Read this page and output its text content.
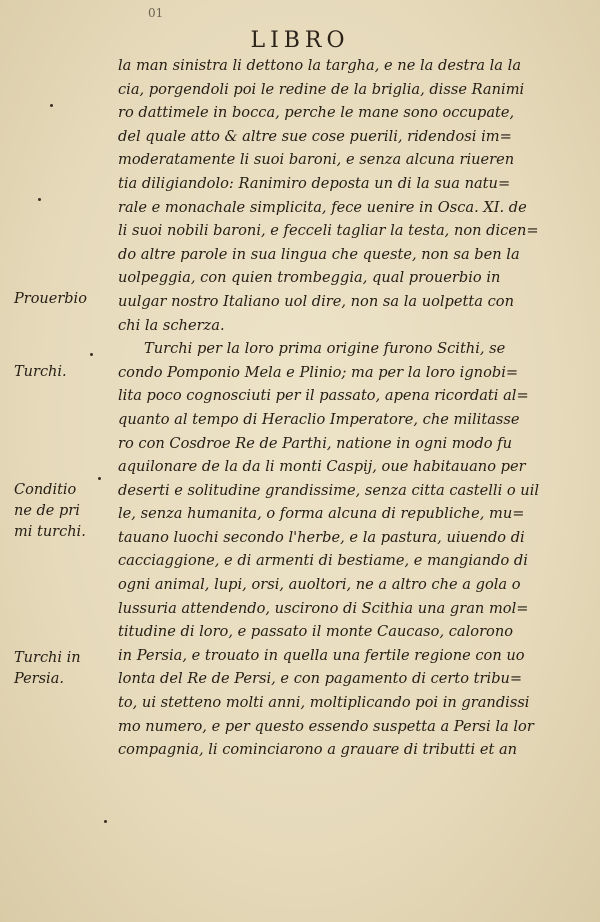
01
LIBRO
la man sinistra li dettono la targha, e ne la destra la la
cia, porgendoli poi le redine de la briglia, disse Ranimi
ro dattimele in bocca, perche le mane sono occupate,
del quale atto & altre sue cose puerili, ridendosi im=
moderatamente li suoi baroni, e senza alcuna riueren
tia diligiandolo: Ranimiro deposta un di la sua natu=
rale e monachale simplicita, fece uenire in Osca. XI. de
li suoi nobili baroni, e fecceli tagliar la testa, non dicen=
do altre parole in sua lingua che queste, non sa ben la
uolpeggia, con quien trombeggia, qual prouerbio in
uulgar nostro Italiano uol dire, non sa la uolpetta con
chi la scherza.
Turchi per la loro prima origine furono Scithi, se
condo Pomponio Mela e Plinio; ma per la loro ignobi=
lita poco cognosciuti per il passato, apena ricordati al=
quanto al tempo di Heraclio Imperatore, che militasse
ro con Cosdroe Re de Parthi, natione in ogni modo fu
aquilonare de la da li monti Caspij, oue habitauano per
deserti e solitudine grandissime, senza citta castelli o uil
le, senza humanita, o forma alcuna di republiche, mu=
tauano luochi secondo l'herbe, e la pastura, uiuendo di
cacciaggione, e di armenti di bestiame, e mangiando di
ogni animal, lupi, orsi, auoltori, ne a altro che a gola o
lussuria attendendo, uscirono di Scithia una gran mol=
titudine di loro, e passato il monte Caucaso, calorono
in Persia, e trouato in quella una fertile regione con uo
lonta del Re de Persi, e con pagamento di certo tribu=
to, ui stetteno molti anni, moltiplicando poi in grandissi
mo numero, e per questo essendo suspetta a Persi la lor
compagnia, li cominciarono a grauare di tributti et an
Prouerbio
Turchi.
Conditio
ne de pri
mi turchi.
Turchi in
Persia.
